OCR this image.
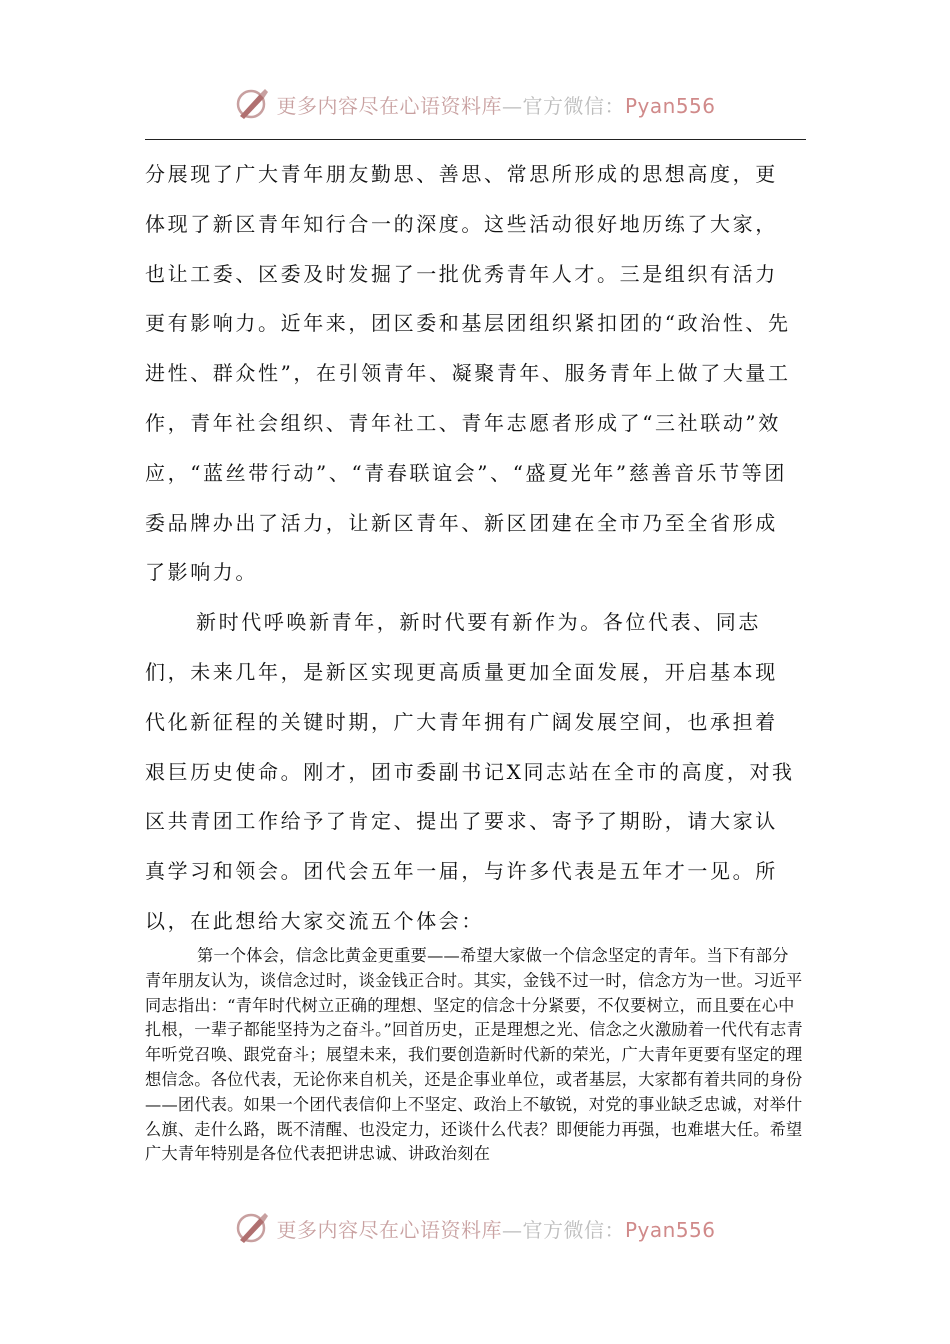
更多内容尽在心语资料库—官方微信：Pyan556

分展现了广大青年朋友勤思、善思、常思所形成的思想高度，更体现了新区青年知行合一的深度。这些活动很好地历练了大家，也让工委、区委及时发掘了一批优秀青年人才。三是组织有活力更有影响力。近年来，团区委和基层团组织紧扣团的“政治性、先进性、群众性”，在引领青年、凝聚青年、服务青年上做了大量工作，青年社会组织、青年社工、青年志愿者形成了“三社联动”效应，“蓝丝带行动”、“青春联谊会”、“盛夏光年”慈善音乐节等团委品牌办出了活力，让新区青年、新区团建在全市乃至全省形成了影响力。

新时代呼唤新青年，新时代要有新作为。各位代表、同志们，未来几年，是新区实现更高质量更加全面发展，开启基本现代化新征程的关键时期，广大青年拥有广阔发展空间，也承担着艰巨历史使命。刚才，团市委副书记X同志站在全市的高度，对我区共青团工作给予了肯定、提出了要求、寄予了期盼，请大家认真学习和领会。团代会五年一届，与许多代表是五年才一见。所以，在此想给大家交流五个体会：

第一个体会，信念比黄金更重要——希望大家做一个信念坚定的青年。当下有部分青年朋友认为，谈信念过时，谈金钱正合时。其实，金钱不过一时，信念方为一世。习近平同志指出：“青年时代树立正确的理想、坚定的信念十分紧要，不仅要树立，而且要在心中扎根，一辈子都能坚持为之奋斗。”回首历史，正是理想之光、信念之火激励着一代代有志青年听党召唤、跟党奋斗；展望未来，我们要创造新时代新的荣光，广大青年更要有坚定的理想信念。各位代表，无论你来自机关，还是企事业单位，或者基层，大家都有着共同的身份——团代表。如果一个团代表信仰上不坚定、政治上不敏锐，对党的事业缺乏忠诚，对举什么旗、走什么路，既不清醒、也没定力，还谈什么代表？即便能力再强，也难堪大任。希望广大青年特别是各位代表把讲忠诚、讲政治刻在

更多内容尽在心语资料库—官方微信：Pyan556
